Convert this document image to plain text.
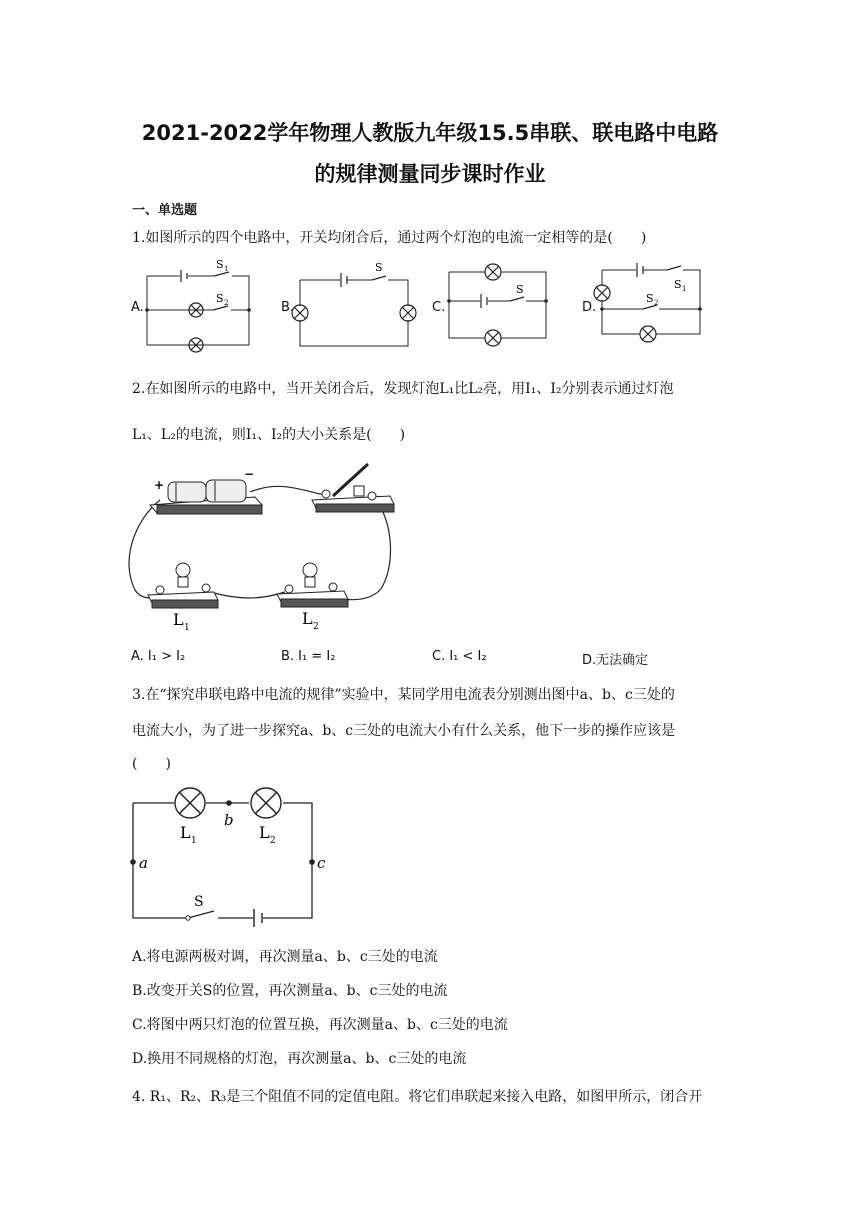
2021-2022学年物理人教版九年级15.5串联、联电路中电路
的规律测量同步课时作业
一、单选题
1.如图所示的四个电路中，开关均闭合后，通过两个灯泡的电流一定相等的是(　　)
A.	B.	C.	D.
S 1
S 2
S
S	S 1
S 2
2.在如图所示的电路中，当开关闭合后，发现灯泡L₁比L₂亮，用I₁、I₂分别表示通过灯泡
L₁、L₂的电流，则I₁、I₂的大小关系是(　　)
+
−
L 1	L 2
A. I₁ > I₂	B. I₁ = I₂	C. I₁ < I₂	D.无法确定
3.在“探究串联电路中电流的规律”实验中，某同学用电流表分别测出图中a、b、c三处的
电流大小，为了进一步探究a、b、c三处的电流大小有什么关系，他下一步的操作应该是
(　　)
L 1	L 2
b
a	c
S
A.将电源两极对调，再次测量a、b、c三处的电流
B.改变开关S的位置，再次测量a、b、c三处的电流
C.将图中两只灯泡的位置互换，再次测量a、b、c三处的电流
D.换用不同规格的灯泡，再次测量a、b、c三处的电流
4. R₁、R₂、R₃是三个阻值不同的定值电阻。将它们串联起来接入电路，如图甲所示，闭合开
